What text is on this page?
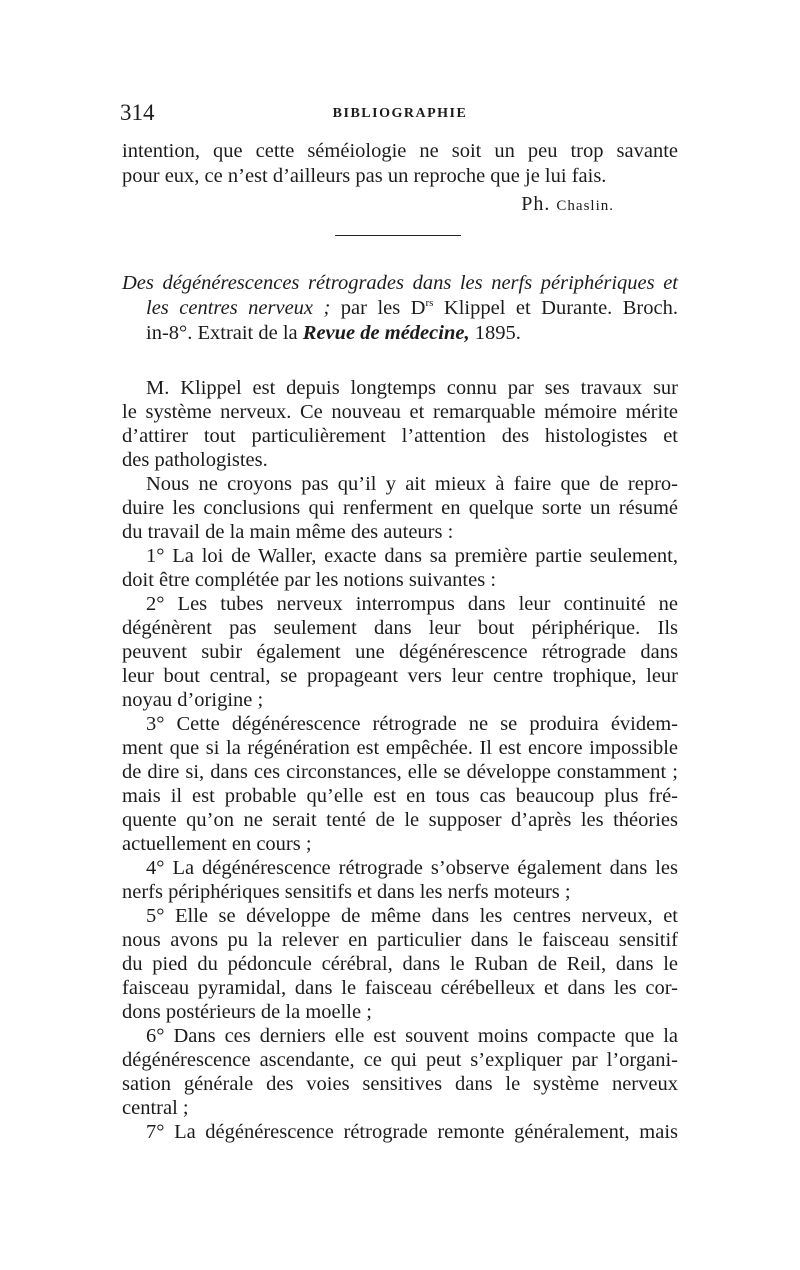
314	BIBLIOGRAPHIE
intention, que cette séméiologie ne soit un peu trop savante
pour eux, ce n’est d’ailleurs pas un reproche que je lui fais.
Ph. Chaslin.
Des dégénérescences rétrogrades dans les nerfs périphériques et
les centres nerveux ; par les $D^{rs}$ Klippel et Durante. Broch.
in-8°. Extrait de la Revue de médecine, 1895.
M. Klippel est depuis longtemps connu par ses travaux sur
le système nerveux. Ce nouveau et remarquable mémoire mérite
d’attirer tout particulièrement l’attention des histologistes et
des pathologistes.
Nous ne croyons pas qu’il y ait mieux à faire que de repro-
duire les conclusions qui renferment en quelque sorte un résumé
du travail de la main même des auteurs :
1° La loi de Waller, exacte dans sa première partie seulement,
doit être complétée par les notions suivantes :
2° Les tubes nerveux interrompus dans leur continuité ne
dégénèrent pas seulement dans leur bout périphérique. Ils
peuvent subir également une dégénérescence rétrograde dans
leur bout central, se propageant vers leur centre trophique, leur
noyau d’origine ;
3° Cette dégénérescence rétrograde ne se produira évidem-
ment que si la régénération est empêchée. Il est encore impossible
de dire si, dans ces circonstances, elle se développe constamment ;
mais il est probable qu’elle est en tous cas beaucoup plus fré-
quente qu’on ne serait tenté de le supposer d’après les théories
actuellement en cours ;
4° La dégénérescence rétrograde s’observe également dans les
nerfs périphériques sensitifs et dans les nerfs moteurs ;
5° Elle se développe de même dans les centres nerveux, et
nous avons pu la relever en particulier dans le faisceau sensitif
du pied du pédoncule cérébral, dans le Ruban de Reil, dans le
faisceau pyramidal, dans le faisceau cérébelleux et dans les cor-
dons postérieurs de la moelle ;
6° Dans ces derniers elle est souvent moins compacte que la
dégénérescence ascendante, ce qui peut s’expliquer par l’organi-
sation générale des voies sensitives dans le système nerveux
central ;
7° La dégénérescence rétrograde remonte généralement, mais
